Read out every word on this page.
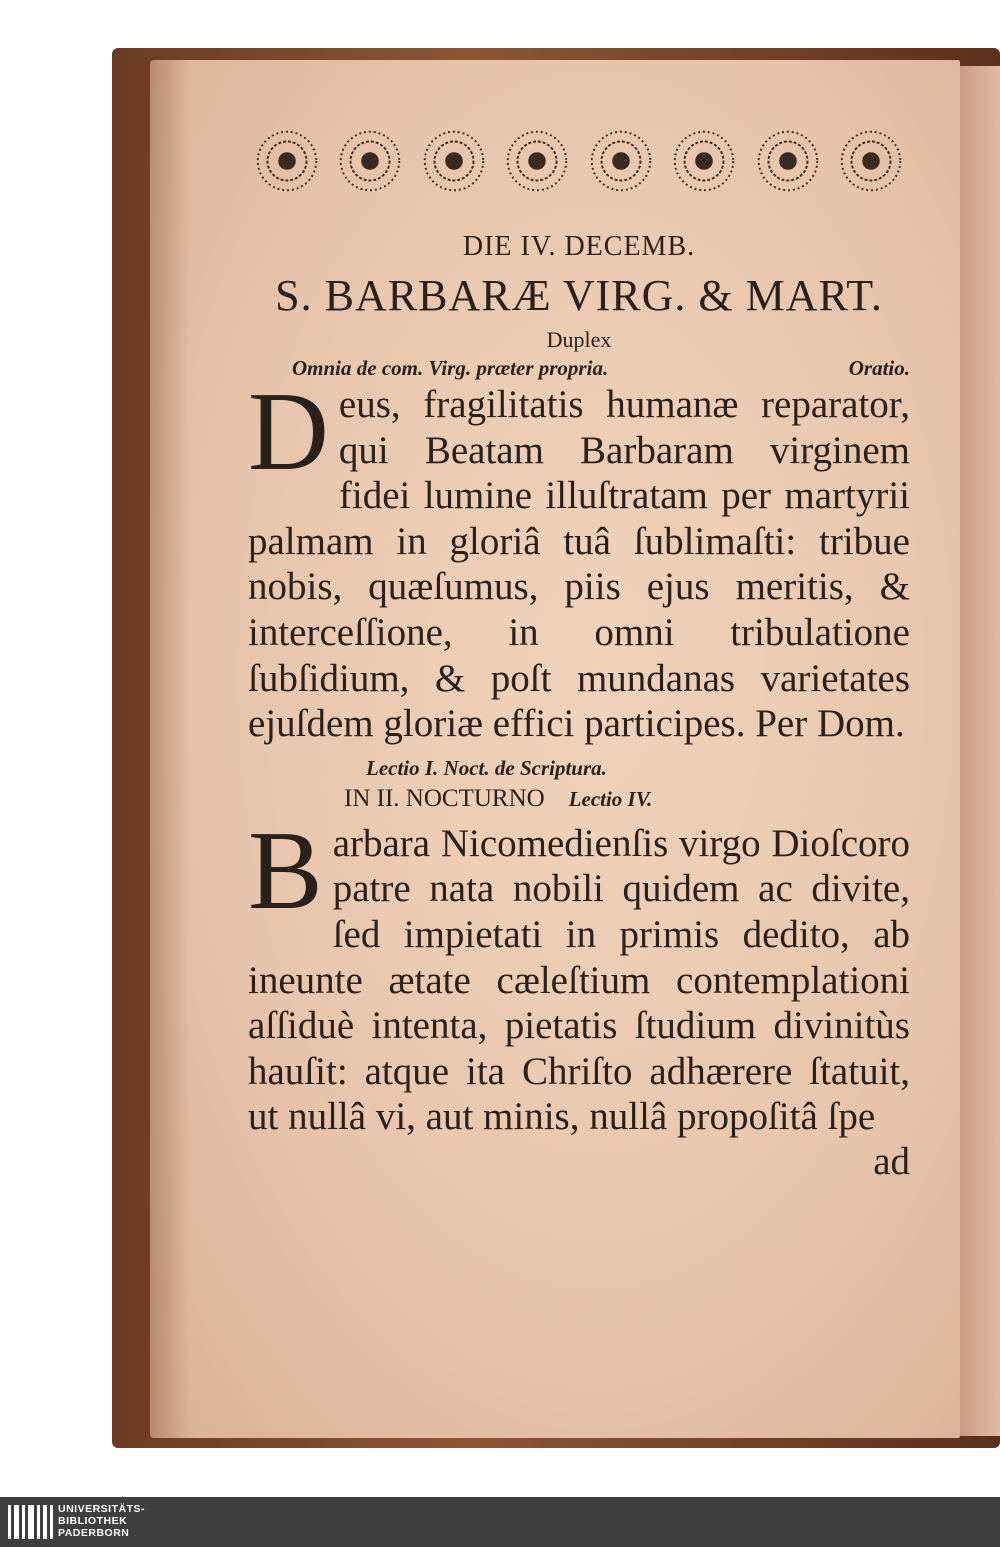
DIE IV. DECEMB.

S. BARBARÆ VIRG. & MART.

Duplex

Omnia de com. Virg. præter propria.	Oratio.

Deus, fragilitatis humanæ reparator, qui Beatam Barbaram virginem fidei lumine illuſtratam per martyrii palmam in gloriâ tuâ ſublimaſti: tribue nobis, quæſumus, piis ejus meritis, & interceſſione, in omni tribulatione ſubſidium, & poſt mundanas varietates ejuſdem gloriæ effici participes. Per Dom.

Lectio I. Noct. de Scriptura.

IN II. NOCTURNO Lectio IV.

Barbara Nicomedienſis virgo Dioſcoro patre nata nobili quidem ac divite, ſed impietati in primis dedito, ab ineunte ætate cæleſtium contemplationi aſſiduè intenta, pietatis ſtudium divinitùs hauſit: atque ita Chriſto adhærere ſtatuit, ut nullâ vi, aut minis, nullâ propoſitâ ſpe

ad

UNIVERSITÄTS-
BIBLIOTHEK
PADERBORN
